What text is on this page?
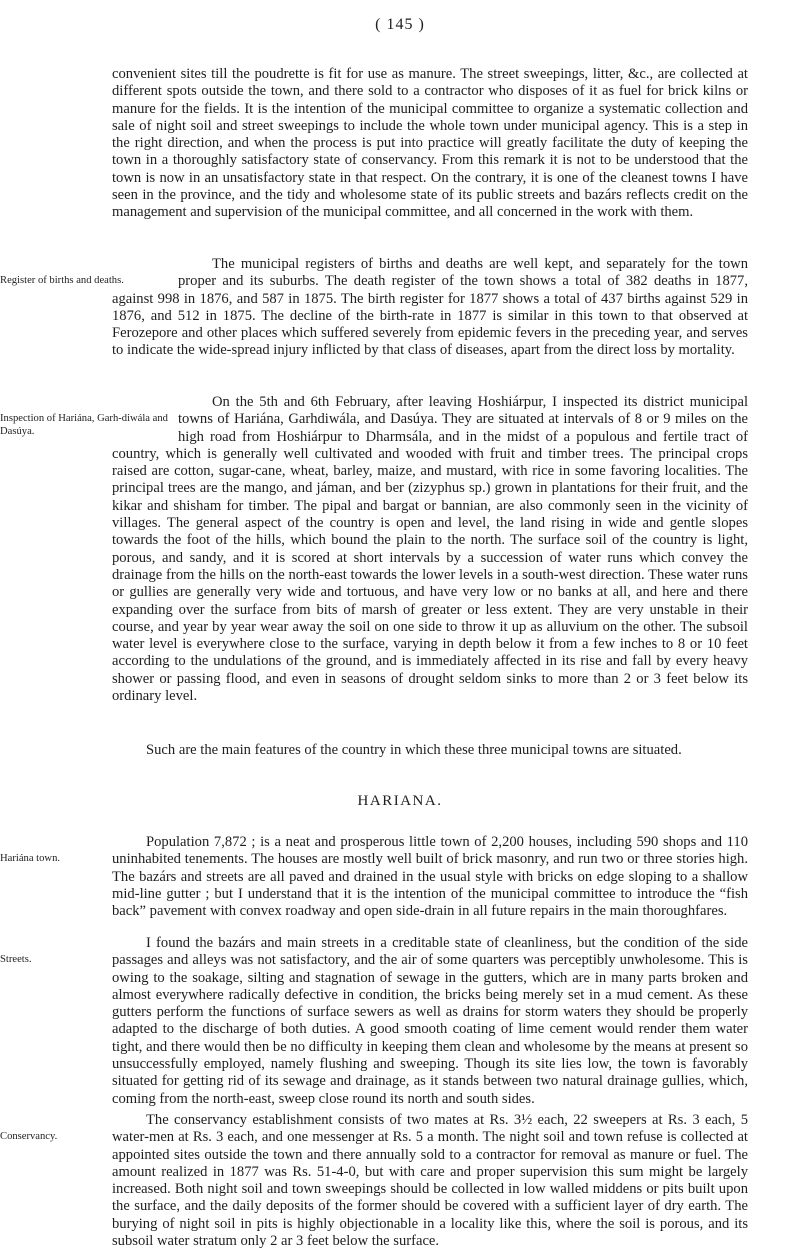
( 145 )

convenient sites till the poudrette is fit for use as manure. The street sweepings, litter, &c., are collected at different spots outside the town, and there sold to a contractor who disposes of it as fuel for brick kilns or manure for the fields. It is the intention of the municipal committee to organize a systematic collection and sale of night soil and street sweepings to include the whole town under municipal agency. This is a step in the right direction, and when the process is put into practice will greatly facilitate the duty of keeping the town in a thoroughly satisfactory state of conservancy. From this remark it is not to be understood that the town is now in an unsatisfactory state in that respect. On the contrary, it is one of the cleanest towns I have seen in the province, and the tidy and wholesome state of its public streets and bazárs reflects credit on the management and supervision of the municipal committee, and all concerned in the work with them.

Register of births and deaths.
The municipal registers of births and deaths are well kept, and separately for the town proper and its suburbs. The death register of the town shows a total of 382 deaths in 1877, against 998 in 1876, and 587 in 1875. The birth register for 1877 shows a total of 437 births against 529 in 1876, and 512 in 1875. The decline of the birth-rate in 1877 is similar in this town to that observed at Ferozepore and other places which suffered severely from epidemic fevers in the preceding year, and serves to indicate the wide-spread injury inflicted by that class of diseases, apart from the direct loss by mortality.

Inspection of Hariána, Garh-diwála and Dasúya.
On the 5th and 6th February, after leaving Hoshiárpur, I inspected its district municipal towns of Hariána, Garhdiwála, and Dasúya. They are situated at intervals of 8 or 9 miles on the high road from Hoshiárpur to Dharmsála, and in the midst of a populous and fertile tract of country, which is generally well cultivated and wooded with fruit and timber trees. The principal crops raised are cotton, sugar-cane, wheat, barley, maize, and mustard, with rice in some favoring localities. The principal trees are the mango, and jáman, and ber (zizyphus sp.) grown in plantations for their fruit, and the kikar and shisham for timber. The pipal and bargat or bannian, are also commonly seen in the vicinity of villages. The general aspect of the country is open and level, the land rising in wide and gentle slopes towards the foot of the hills, which bound the plain to the north. The surface soil of the country is light, porous, and sandy, and it is scored at short intervals by a succession of water runs which convey the drainage from the hills on the north-east towards the lower levels in a south-west direction. These water runs or gullies are generally very wide and tortuous, and have very low or no banks at all, and here and there expanding over the surface from bits of marsh of greater or less extent. They are very unstable in their course, and year by year wear away the soil on one side to throw it up as alluvium on the other. The subsoil water level is everywhere close to the surface, varying in depth below it from a few inches to 8 or 10 feet according to the undulations of the ground, and is immediately affected in its rise and fall by every heavy shower or passing flood, and even in seasons of drought seldom sinks to more than 2 or 3 feet below its ordinary level.

Such are the main features of the country in which these three municipal towns are situated.

HARIANA.

Hariána town.
Population 7,872 ; is a neat and prosperous little town of 2,200 houses, including 590 shops and 110 uninhabited tenements. The houses are mostly well built of brick masonry, and run two or three stories high. The bazárs and streets are all paved and drained in the usual style with bricks on edge sloping to a shallow mid-line gutter ; but I understand that it is the intention of the municipal committee to introduce the “fish back” pavement with convex roadway and open side-drain in all future repairs in the main thoroughfares.

Streets.
I found the bazárs and main streets in a creditable state of cleanliness, but the condition of the side passages and alleys was not satisfactory, and the air of some quarters was perceptibly unwholesome. This is owing to the soakage, silting and stagnation of sewage in the gutters, which are in many parts broken and almost everywhere radically defective in condition, the bricks being merely set in a mud cement. As these gutters perform the functions of surface sewers as well as drains for storm waters they should be properly adapted to the discharge of both duties. A good smooth coating of lime cement would render them water tight, and there would then be no difficulty in keeping them clean and wholesome by the means at present so unsuccessfully employed, namely flushing and sweeping. Though its site lies low, the town is favorably situated for getting rid of its sewage and drainage, as it stands between two natural drainage gullies, which, coming from the north-east, sweep close round its north and south sides.

Conservancy.
The conservancy establishment consists of two mates at Rs. 3½ each, 22 sweepers at Rs. 3 each, 5 water-men at Rs. 3 each, and one messenger at Rs. 5 a month. The night soil and town refuse is collected at appointed sites outside the town and there annually sold to a contractor for removal as manure or fuel. The amount realized in 1877 was Rs. 51-4-0, but with care and proper supervision this sum might be largely increased. Both night soil and town sweepings should be collected in low walled middens or pits built upon the surface, and the daily deposits of the former should be covered with a sufficient layer of dry earth. The burying of night soil in pits is highly objectionable in a locality like this, where the soil is porous, and its subsoil water stratum only 2 ar 3 feet below the surface.
